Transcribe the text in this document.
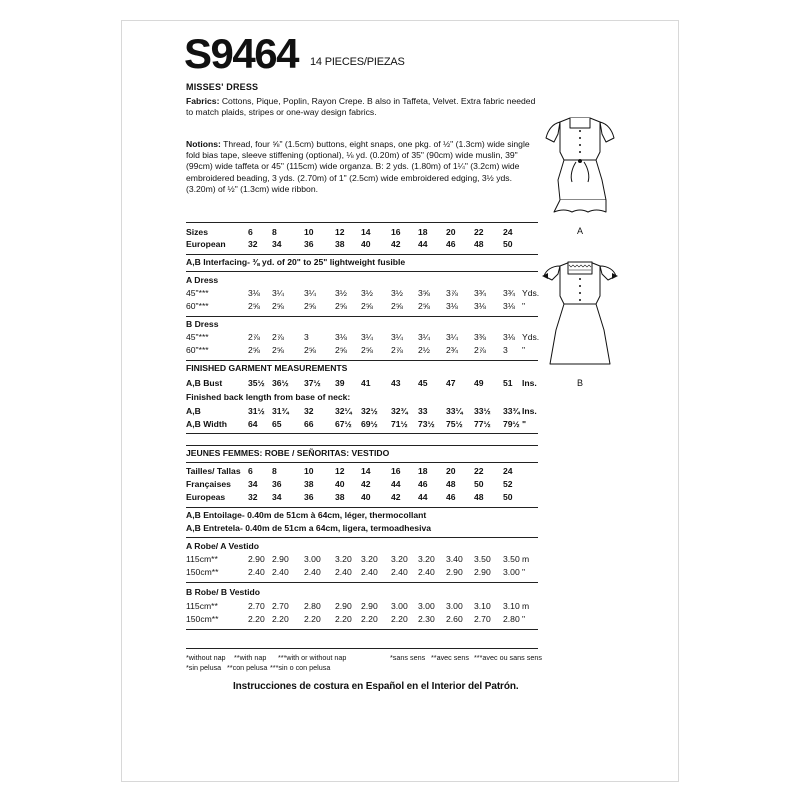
S9464 14 PIECES/PIEZAS
MISSES' DRESS
Fabrics: Cottons, Pique, Poplin, Rayon Crepe. B also in Taffeta, Velvet. Extra fabric needed to match plaids, stripes or one-way design fabrics.
Notions: Thread, four ⅝" (1.5cm) buttons, eight snaps, one pkg. of ½" (1.3cm) wide single fold bias tape, sleeve stiffening (optional), ⅛ yd. (0.20m) of 35" (90cm) wide muslin, 39" (99cm) wide taffeta or 45" (115cm) wide organza. B: 2 yds. (1.80m) of 1¼" (3.2cm) wide embroidered beading, 3 yds. (2.70m) of 1" (2.5cm) wide embroidered edging, 3½ yds. (3.20m) of ½" (1.3cm) wide ribbon.
Sizes	6 8	10 12 14 16 18 20 22 24
European	32 34	36 38 40 42 44 46 48 50
A,B Interfacing- ⅜ yd. of 20" to 25" lightweight fusible
A Dress
45"***	3⅛ 3¼ 3¼ 3½ 3½ 3½ 3⅝ 3⅞ 3¾ 3¾ Yds.
60"***	2⅝ 2⅝ 2⅝ 2⅝ 2⅝ 2⅝ 2⅝ 3⅛ 3⅛ 3⅛ "
B Dress
45"***	2⅞ 2⅞ 3	3⅛ 3¼ 3¼ 3¼ 3¼ 3⅜ 3⅛ Yds.
60"***	2⅝ 2⅝ 2⅝ 2⅝ 2⅝ 2⅞ 2½ 2¾ 2⅞ 3 "
FINISHED GARMENT MEASUREMENTS
A,B Bust	35½ 36½ 37½ 39 41 43 45 47 49 51 Ins.
Finished back length from base of neck:
A,B	31½ 31¾ 32 32¼ 32½ 32¾ 33 33¼ 33½ 33¾ Ins.
A,B Width 64 65	66 67½ 69½ 71½ 73½ 75½ 77½ 79½ "
JEUNES FEMMES: ROBE / SEÑORITAS: VESTIDO
Tailles/ Tallas 6 8	10 12 14 16 18 20 22 24
Françaises 34 36	38 40 42 44 46 48 50 52
Europeas	32 34	36 38 40 42 44 46 48 50
A,B Entoilage- 0.40m de 51cm à 64cm, léger, thermocollant
A,B Entretela- 0.40m de 51cm a 64cm, ligera, termoadhesiva
A Robe/ A Vestido
115cm**	2.90 2.90 3.00 3.20 3.20 3.20 3.20 3.40 3.50 3.50 m
150cm**	2.40 2.40 2.40 2.40 2.40 2.40 2.40 2.90 2.90 3.00 "
B Robe/ B Vestido
115cm**	2.70 2.70 2.80 2.90 2.90 3.00 3.00 3.00 3.10 3.10 m
150cm**	2.20 2.20 2.20 2.20 2.20 2.20 2.30 2.60 2.70 2.80 "
*without nap **with nap ***with or without nap
*sin pelusa **con pelusa ***sin o con pelusa
*sans sens **avec sens ***avec ou sans sens
Instrucciones de costura en Español en el Interior del Patrón.
A
B
